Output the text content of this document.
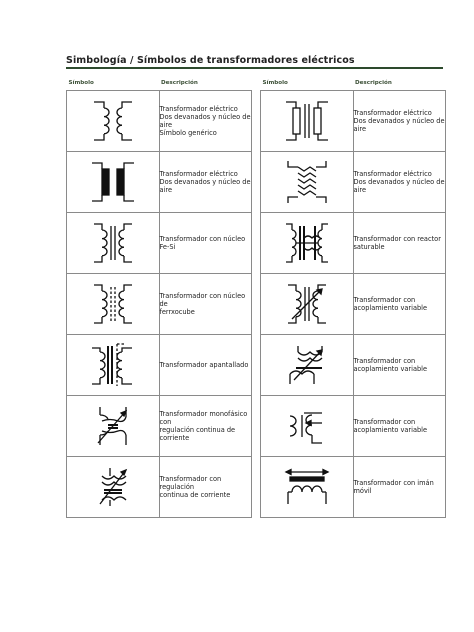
Simbología / Símbolos de transformadores eléctricos
Símbolo	Descripción

Transformador eléctrico
Dos devanados y núcleo de aire
Símbolo genérico

Transformador eléctrico
Dos devanados y núcleo de aire

Transformador con núcleo
Fe-Si

Transformador con núcleo de
ferrxocube

Transformador apantallado

Transformador monofásico con
regulación continua de corriente

Transformador con regulación
continua de corriente
Símbolo	Descripción

Transformador eléctrico
Dos devanados y núcleo de
aire

Transformador eléctrico
Dos devanados y núcleo de
aire

Transformador con reactor
saturable

Transformador con
acoplamiento variable

Transformador con
acoplamiento variable

Transformador con
acoplamiento variable

Transformador con imán móvil
